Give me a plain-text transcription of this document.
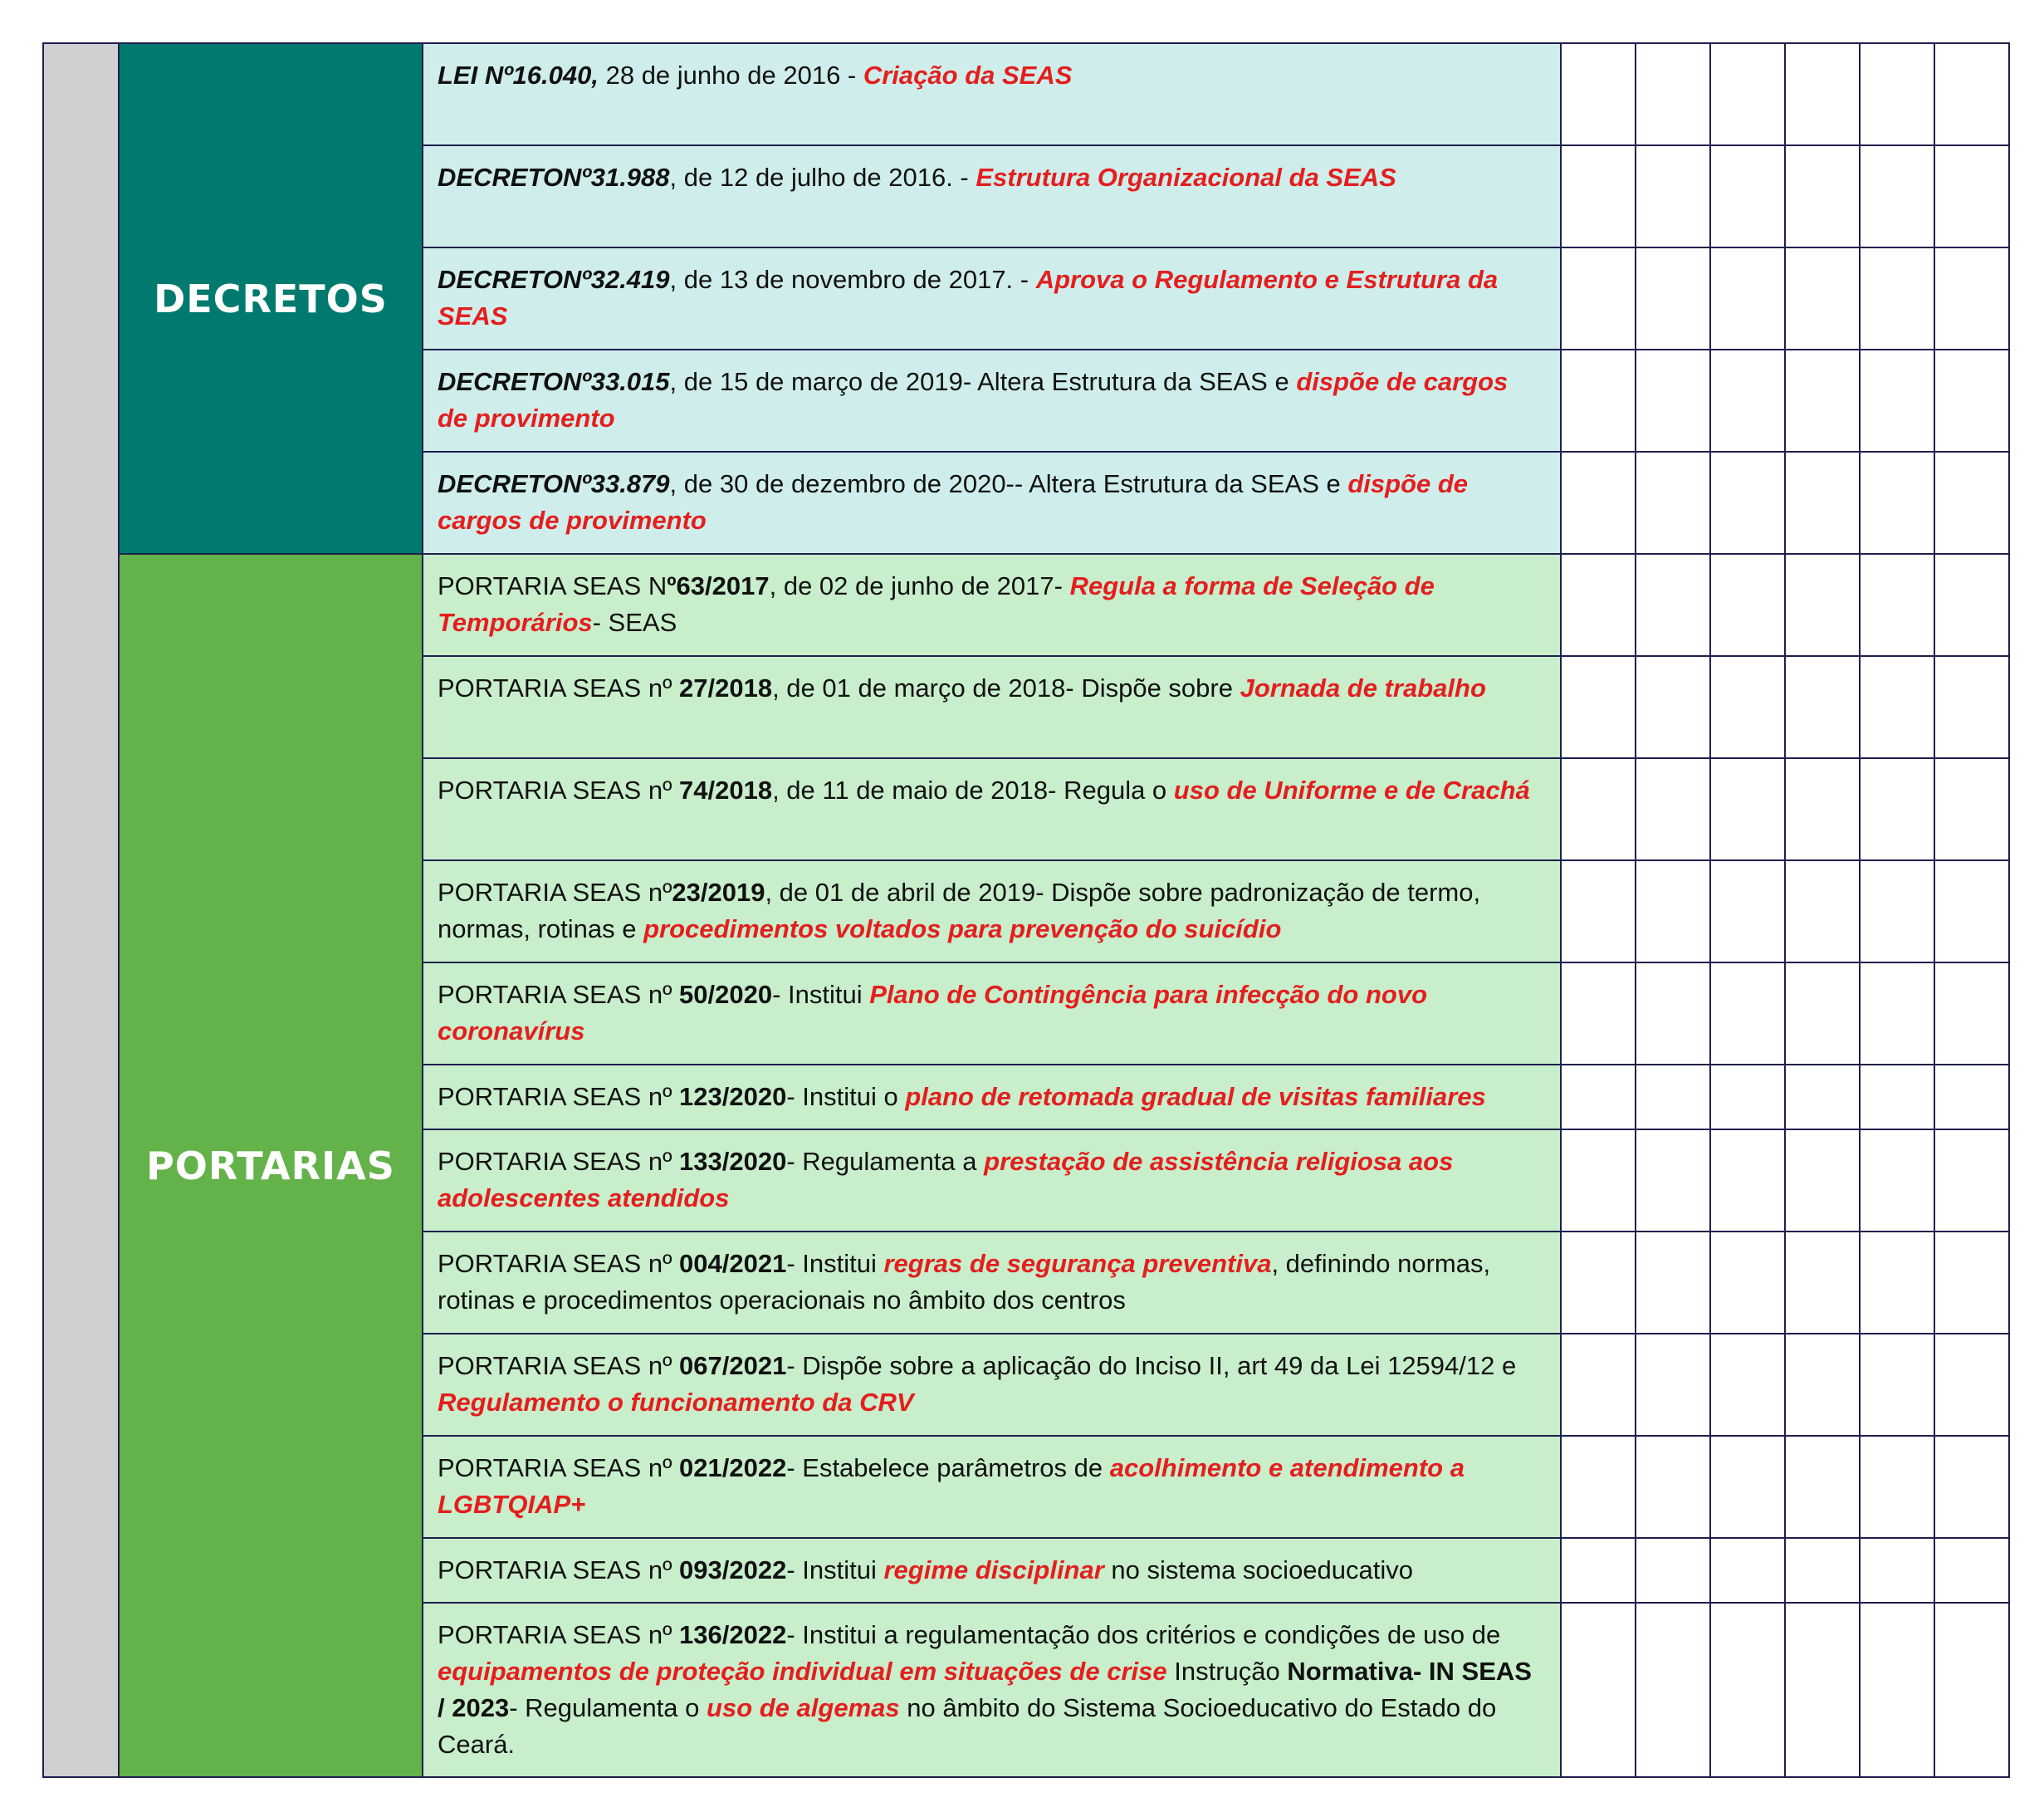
	DECRETOS	LEI Nº16.040, 28 de junho de 2016 - Criação da SEAS						
		DECRETONº31.988, de 12 de julho de 2016. - Estrutura Organizacional da SEAS						
		DECRETONº32.419, de 13 de novembro de 2017. - Aprova o Regulamento e Estrutura da SEAS						
		DECRETONº33.015, de 15 de março de 2019- Altera Estrutura da SEAS e dispõe de cargos de provimento						
		DECRETONº33.879, de 30 de dezembro de 2020-- Altera Estrutura da SEAS e dispõe de cargos de provimento						

	PORTARIAS	PORTARIA SEAS Nº63/2017, de 02 de junho de 2017- Regula a forma de Seleção de Temporários- SEAS						
		PORTARIA SEAS nº 27/2018, de 01 de março de 2018- Dispõe sobre Jornada de trabalho						
		PORTARIA SEAS nº 74/2018, de 11 de maio de 2018- Regula o uso de Uniforme e de Crachá						
		PORTARIA SEAS nº23/2019, de 01 de abril de 2019- Dispõe sobre padronização de termo, normas, rotinas e procedimentos voltados para prevenção do suicídio						
		PORTARIA SEAS nº 50/2020- Institui Plano de Contingência para infecção do novo coronavírus						
		PORTARIA SEAS nº 123/2020- Institui o plano de retomada gradual de visitas familiares						
		PORTARIA SEAS nº 133/2020- Regulamenta a prestação de assistência religiosa aos adolescentes atendidos						
		PORTARIA SEAS nº 004/2021- Institui regras de segurança preventiva, definindo normas, rotinas e procedimentos operacionais no âmbito dos centros						
		PORTARIA SEAS nº 067/2021- Dispõe sobre a aplicação do Inciso II, art 49 da Lei 12594/12 e Regulamento o funcionamento da CRV						
		PORTARIA SEAS nº 021/2022- Estabelece parâmetros de acolhimento e atendimento a LGBTQIAP+						
		PORTARIA SEAS nº 093/2022- Institui regime disciplinar no sistema socioeducativo						
		PORTARIA SEAS nº 136/2022- Institui a regulamentação dos critérios e condições de uso de equipamentos de proteção individual em situações de crise Instrução Normativa- IN SEAS / 2023- Regulamenta o uso de algemas no âmbito do Sistema Socioeducativo do Estado do Ceará.						
